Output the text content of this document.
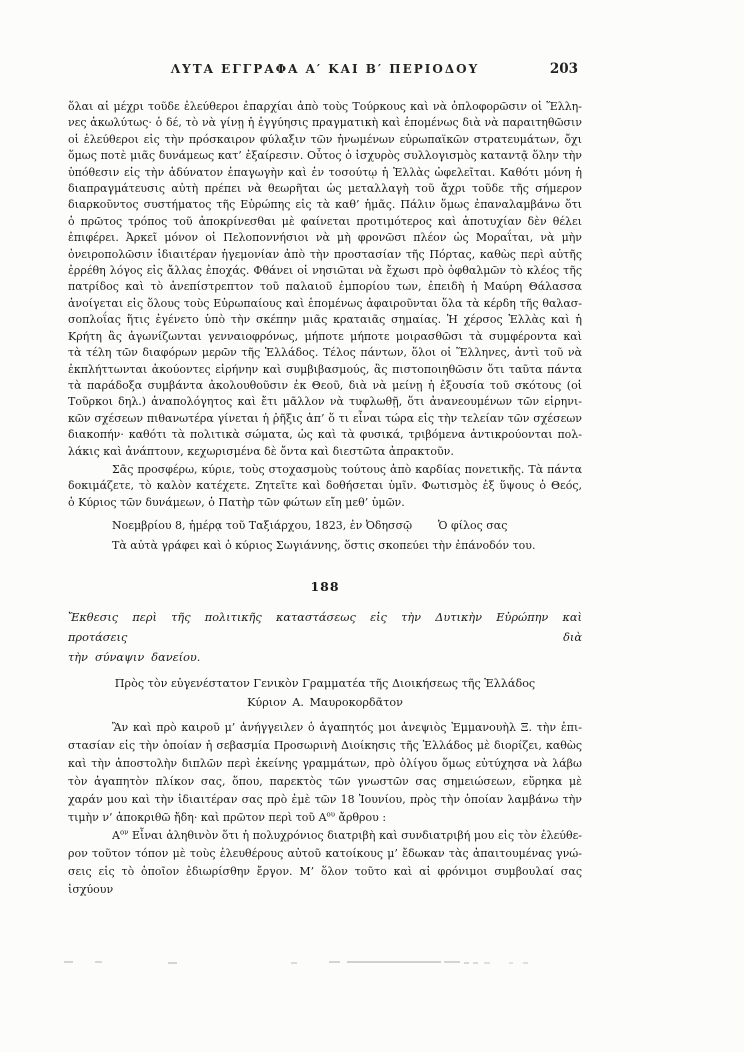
ΛΥΤΑ ΕΓΓΡΑΦΑ Α′ ΚΑΙ Β′ ΠΕΡΙΟΔΟΥ	203
ὅλαι αἱ μέχρι τοῦδε ἐλεύθεροι ἐπαρχίαι ἀπὸ τοὺς Τούρκους καὶ νὰ ὁπλοφορῶσιν οἱ Ἕλλη-
νες ἀκωλύτως· ὁ δέ, τὸ νὰ γίνῃ ἡ ἐγγύησις πραγματικὴ καὶ ἑπομένως διὰ νὰ παραιτηθῶσιν
οἱ ἐλεύθεροι εἰς τὴν πρόσκαιρον φύλαξιν τῶν ἡνωμένων εὐρωπαϊκῶν στρατευμάτων, ὄχι
ὅμως ποτὲ μιᾶς δυνάμεως κατ’ ἐξαίρεσιν. Οὗτος ὁ ἰσχυρὸς συλλογισμὸς καταντᾷ ὅλην τὴν
ὑπόθεσιν εἰς τὴν ἀδύνατον ἐπαγωγὴν καὶ ἐν τοσούτῳ ἡ Ἑλλὰς ὠφελεῖται. Καθότι μόνη ἡ
διαπραγμάτευσις αὐτὴ πρέπει νὰ θεωρῆται ὡς μεταλλαγὴ τοῦ ἄχρι τοῦδε τῆς σήμερον
διαρκοῦντος συστήματος τῆς Εὐρώπης εἰς τὰ καθ’ ἡμᾶς. Πάλιν ὅμως ἐπαναλαμβάνω ὅτι
ὁ πρῶτος τρόπος τοῦ ἀποκρίνεσθαι μὲ φαίνεται προτιμότερος καὶ ἀποτυχίαν δὲν θέλει
ἐπιφέρει. Ἀρκεῖ μόνον οἱ Πελοποννήσιοι νὰ μὴ φρονῶσι πλέον ὡς Μοραΐται, νὰ μὴν
ὀνειροπολῶσιν ἰδιαιτέραν ἡγεμονίαν ἀπὸ τὴν προστασίαν τῆς Πόρτας, καθὼς περὶ αὐτῆς
ἐρρέθη λόγος εἰς ἄλλας ἐποχάς. Φθάνει οἱ νησιῶται νὰ ἔχωσι πρὸ ὀφθαλμῶν τὸ κλέος τῆς
πατρίδος καὶ τὸ ἀνεπίστρεπτον τοῦ παλαιοῦ ἐμπορίου των, ἐπειδὴ ἡ Μαύρη Θάλασσα
ἀνοίγεται εἰς ὅλους τοὺς Εὐρωπαίους καὶ ἑπομένως ἀφαιροῦνται ὅλα τὰ κέρδη τῆς θαλασ-
σοπλοΐας ἥτις ἐγένετο ὑπὸ τὴν σκέπην μιᾶς κραταιᾶς σημαίας. Ἡ χέρσος Ἑλλὰς καὶ ἡ
Κρήτη ἂς ἀγωνίζωνται γενναιοφρόνως, μήποτε μήποτε μοιρασθῶσι τὰ συμφέροντα καὶ
τὰ τέλη τῶν διαφόρων μερῶν τῆς Ἑλλάδος. Τέλος πάντων, ὅλοι οἱ Ἕλληνες, ἀντὶ τοῦ νὰ
ἐκπλήττωνται ἀκούοντες εἰρήνην καὶ συμβιβασμούς, ἂς πιστοποιηθῶσιν ὅτι ταῦτα πάντα
τὰ παράδοξα συμβάντα ἀκολουθοῦσιν ἐκ Θεοῦ, διὰ νὰ μείνῃ ἡ ἐξουσία τοῦ σκότους (οἱ
Τοῦρκοι δηλ.) ἀναπολόγητος καὶ ἔτι μᾶλλον νὰ τυφλωθῇ, ὅτι ἀνανεουμένων τῶν εἰρηνι-
κῶν σχέσεων πιθανωτέρα γίνεται ἡ ῥῆξις ἀπ’ ὅ τι εἶναι τώρα εἰς τὴν τελείαν τῶν σχέσεων
διακοπήν· καθότι τὰ πολιτικὰ σώματα, ὡς καὶ τὰ φυσικά, τριβόμενα ἀντικρούονται πολ-
λάκις καὶ ἀνάπτουν, κεχωρισμένα δὲ ὄντα καὶ διεστῶτα ἀπρακτοῦν.
Σᾶς προσφέρω, κύριε, τοὺς στοχασμοὺς τούτους ἀπὸ καρδίας πονετικῆς. Τὰ πάντα
δοκιμάζετε, τὸ καλὸν κατέχετε. Ζητεῖτε καὶ δοθήσεται ὑμῖν. Φωτισμὸς ἐξ ὕψους ὁ Θεός,
ὁ Κύριος τῶν δυνάμεων, ὁ Πατὴρ τῶν φώτων εἴη μεθ’ ὑμῶν.
Νοεμβρίου 8, ἡμέρᾳ τοῦ Ταξιάρχου, 1823, ἐν Ὀδησσῷ Ὁ φίλος σας
Τὰ αὐτὰ γράφει καὶ ὁ κύριος Σωγιάννης, ὅστις σκοπεύει τὴν ἐπάνοδόν του.
188
Ἔκθεσις περὶ τῆς πολιτικῆς καταστάσεως εἰς τὴν Δυτικὴν Εὐρώπην καὶ προτάσεις διὰ
τὴν σύναψιν δανείου.
Πρὸς τὸν εὐγενέστατον Γενικὸν Γραμματέα τῆς Διοικήσεως τῆς Ἑλλάδος
Κύριον Α. Μαυροκορδᾶτον
Ἂν καὶ πρὸ καιροῦ μ’ ἀνήγγειλεν ὁ ἀγαπητός μοι ἀνεψιὸς Ἐμμανουὴλ Ξ. τὴν ἐπι-
στασίαν εἰς τὴν ὁποίαν ἡ σεβασμία Προσωρινὴ Διοίκησις τῆς Ἑλλάδος μὲ διορίζει, καθὼς
καὶ τὴν ἀποστολὴν διπλῶν περὶ ἐκείνης γραμμάτων, πρὸ ὀλίγου ὅμως εὐτύχησα νὰ λάβω
τὸν ἀγαπητὸν πλίκον σας, ὅπου, παρεκτὸς τῶν γνωστῶν σας σημειώσεων, εὕρηκα μὲ
χαράν μου καὶ τὴν ἰδιαιτέραν σας πρὸ ἐμὲ τῶν 18 Ἰουνίου, πρὸς τὴν ὁποίαν λαμβάνω τὴν
τιμὴν ν’ ἀποκριθῶ ἤδη· καὶ πρῶτον περὶ τοῦ $A^{o\upsilon}$ ἄρθρου :
$A^{o\nu}$ Εἶναι ἀληθινὸν ὅτι ἡ πολυχρόνιος διατριβὴ καὶ συνδιατριβή μου εἰς τὸν ἐλεύθε-
ρον τοῦτον τόπον μὲ τοὺς ἐλευθέρους αὐτοῦ κατοίκους μ’ ἔδωκαν τὰς ἀπαιτουμένας γνώ-
σεις εἰς τὸ ὁποῖον ἐδιωρίσθην ἔργον. Μ’ ὅλον τοῦτο καὶ αἱ φρόνιμοι συμβουλαί σας ἰσχύουν
